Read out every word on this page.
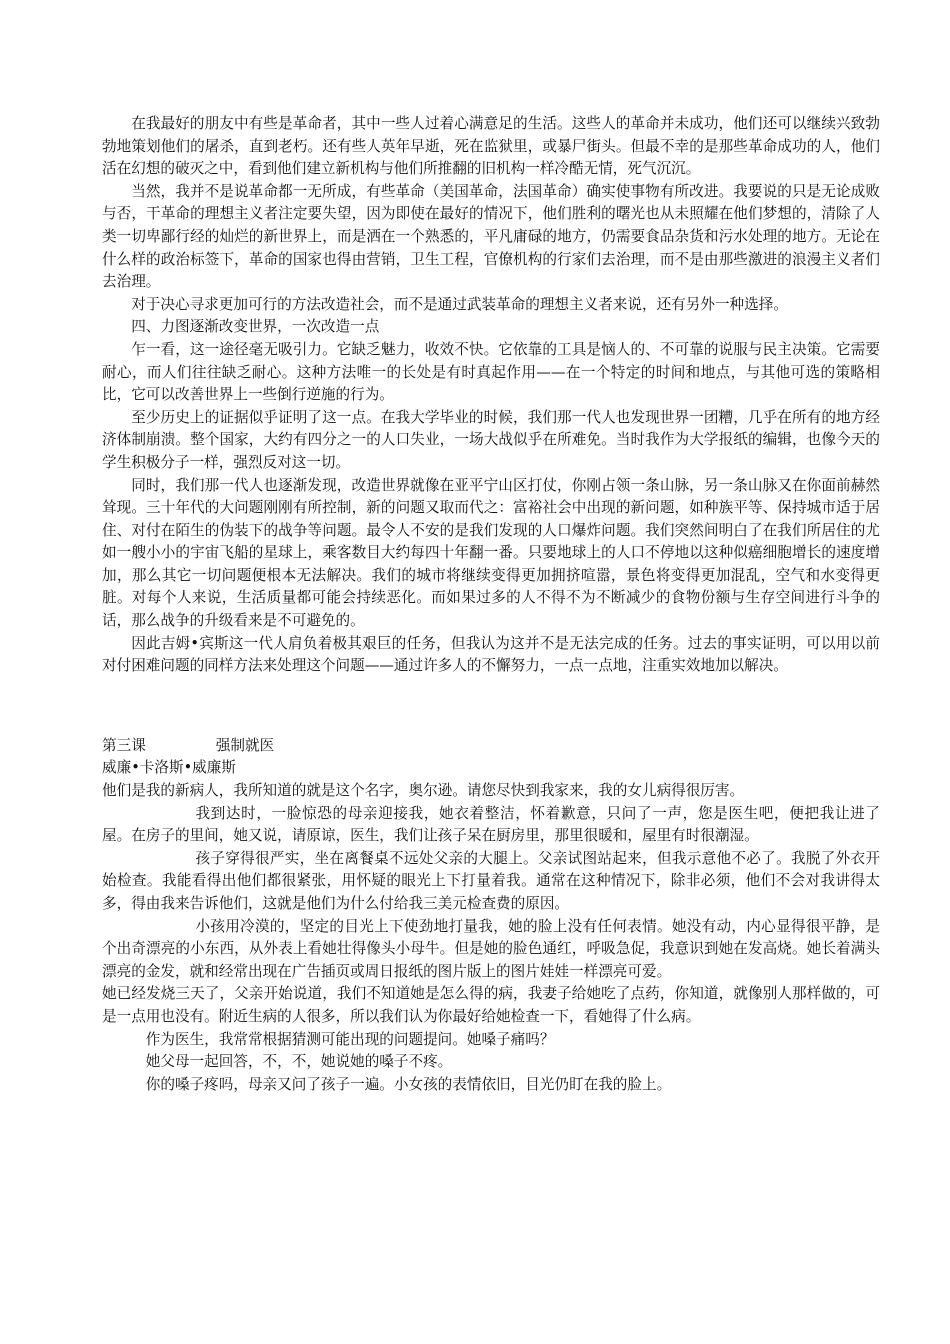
在我最好的朋友中有些是革命者，其中一些人过着心满意足的生活。这些人的革命并未成功，他们还可以继续兴致勃勃地策划他们的屠杀，直到老朽。还有些人英年早逝，死在监狱里，或暴尸街头。但最不幸的是那些革命成功的人，他们活在幻想的破灭之中，看到他们建立新机构与他们所推翻的旧机构一样冷酷无情，死气沉沉。

当然，我并不是说革命都一无所成，有些革命（美国革命，法国革命）确实使事物有所改进。我要说的只是无论成败与否，干革命的理想主义者注定要失望，因为即使在最好的情况下，他们胜利的曙光也从未照耀在他们梦想的，清除了人类一切卑鄙行经的灿烂的新世界上，而是洒在一个熟悉的，平凡庸碌的地方，仍需要食品杂货和污水处理的地方。无论在什么样的政治标签下，革命的国家也得由营销，卫生工程，官僚机构的行家们去治理，而不是由那些激进的浪漫主义者们去治理。

对于决心寻求更加可行的方法改造社会，而不是通过武装革命的理想主义者来说，还有另外一种选择。

四、力图逐渐改变世界，一次改造一点

乍一看，这一途径毫无吸引力。它缺乏魅力，收效不快。它依靠的工具是恼人的、不可靠的说服与民主决策。它需要耐心，而人们往往缺乏耐心。这种方法唯一的长处是有时真起作用——在一个特定的时间和地点，与其他可选的策略相比，它可以改善世界上一些倒行逆施的行为。

至少历史上的证据似乎证明了这一点。在我大学毕业的时候，我们那一代人也发现世界一团糟，几乎在所有的地方经济体制崩溃。整个国家，大约有四分之一的人口失业，一场大战似乎在所难免。当时我作为大学报纸的编辑，也像今天的学生积极分子一样，强烈反对这一切。

同时，我们那一代人也逐渐发现，改造世界就像在亚平宁山区打仗，你刚占领一条山脉，另一条山脉又在你面前赫然耸现。三十年代的大问题刚刚有所控制，新的问题又取而代之：富裕社会中出现的新问题，如种族平等、保持城市适于居住、对付在陌生的伪装下的战争等问题。最令人不安的是我们发现的人口爆炸问题。我们突然间明白了在我们所居住的尤如一艘小小的宇宙飞船的星球上，乘客数目大约每四十年翻一番。只要地球上的人口不停地以这种似癌细胞增长的速度增加，那么其它一切问题便根本无法解决。我们的城市将继续变得更加拥挤喧嚣，景色将变得更加混乱，空气和水变得更脏。对每个人来说，生活质量都可能会持续恶化。而如果过多的人不得不为不断减少的食物份额与生存空间进行斗争的话，那么战争的升级看来是不可避免的。

因此吉姆•宾斯这一代人肩负着极其艰巨的任务，但我认为这并不是无法完成的任务。过去的事实证明，可以用以前对付困难问题的同样方法来处理这个问题——通过许多人的不懈努力，一点一点地，注重实效地加以解决。

第三课	强制就医

威廉•卡洛斯•威廉斯

他们是我的新病人，我所知道的就是这个名字，奥尔逊。请您尽快到我家来，我的女儿病得很厉害。

我到达时，一脸惊恐的母亲迎接我，她衣着整洁，怀着歉意，只问了一声，您是医生吧，便把我让进了屋。在房子的里间，她又说，请原谅，医生，我们让孩子呆在厨房里，那里很暖和，屋里有时很潮湿。

孩子穿得很严实，坐在离餐桌不远处父亲的大腿上。父亲试图站起来，但我示意他不必了。我脱了外衣开始检查。我能看得出他们都很紧张，用怀疑的眼光上下打量着我。通常在这种情况下，除非必须，他们不会对我讲得太多，得由我来告诉他们，这就是他们为什么付给我三美元检查费的原因。

小孩用冷漠的，坚定的目光上下使劲地打量我，她的脸上没有任何表情。她没有动，内心显得很平静，是个出奇漂亮的小东西，从外表上看她壮得像头小母牛。但是她的脸色通红，呼吸急促，我意识到她在发高烧。她长着满头漂亮的金发，就和经常出现在广告插页或周日报纸的图片版上的图片娃娃一样漂亮可爱。

她已经发烧三天了，父亲开始说道，我们不知道她是怎么得的病，我妻子给她吃了点药，你知道，就像别人那样做的，可是一点用也没有。附近生病的人很多，所以我们认为你最好给她检查一下，看她得了什么病。

作为医生，我常常根据猜测可能出现的问题提问。她嗓子痛吗？

她父母一起回答，不，不，她说她的嗓子不疼。

你的嗓子疼吗，母亲又问了孩子一遍。小女孩的表情依旧，目光仍盯在我的脸上。
